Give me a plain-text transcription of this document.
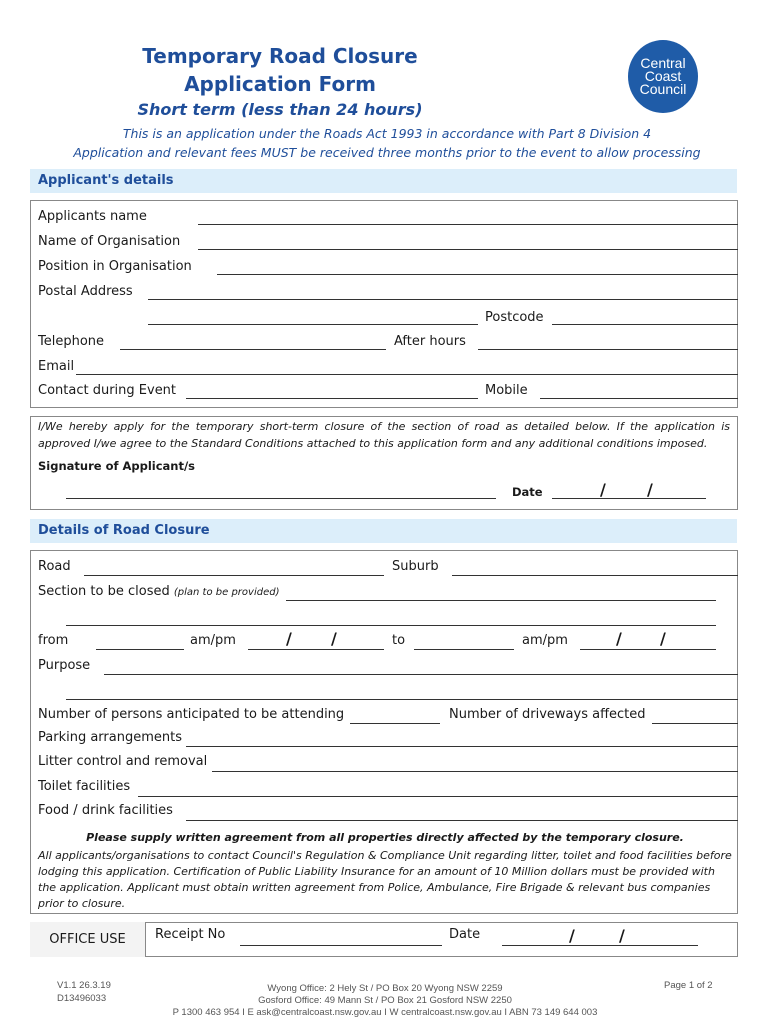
Temporary Road Closure
Application Form
Short term (less than 24 hours)
Central
Coast
Council
This is an application under the Roads Act 1993 in accordance with Part 8 Division 4
Application and relevant fees MUST be received three months prior to the event to allow processing
Applicant's details
Applicants name
Name of Organisation
Position in Organisation
Postal Address
Postcode
Telephone	After hours
Email
Contact during Event	Mobile
I/We hereby apply for the temporary short-term closure of the section of road as detailed below. If the application is approved I/we agree to the Standard Conditions attached to this application form and any additional conditions imposed.
Signature of Applicant/s
Date	/	/
Details of Road Closure
Road	Suburb
Section to be closed (plan to be provided)
from	am/pm	/ /	to	am/pm	/ /
Purpose
Number of persons anticipated to be attending	Number of driveways affected
Parking arrangements
Litter control and removal
Toilet facilities
Food / drink facilities
Please supply written agreement from all properties directly affected by the temporary closure.
All applicants/organisations to contact Council's Regulation & Compliance Unit regarding litter, toilet and food facilities before lodging this application. Certification of Public Liability Insurance for an amount of 10 Million dollars must be provided with the application. Applicant must obtain written agreement from Police, Ambulance, Fire Brigade & relevant bus companies prior to closure.
OFFICE USE	Receipt No	Date	/	/
V1.1 26.3.19
D13496033
Wyong Office: 2 Hely St / PO Box 20 Wyong NSW 2259
Gosford Office: 49 Mann St / PO Box 21 Gosford NSW 2250
P 1300 463 954 I E ask@centralcoast.nsw.gov.au I W centralcoast.nsw.gov.au I ABN 73 149 644 003
Page 1 of 2
